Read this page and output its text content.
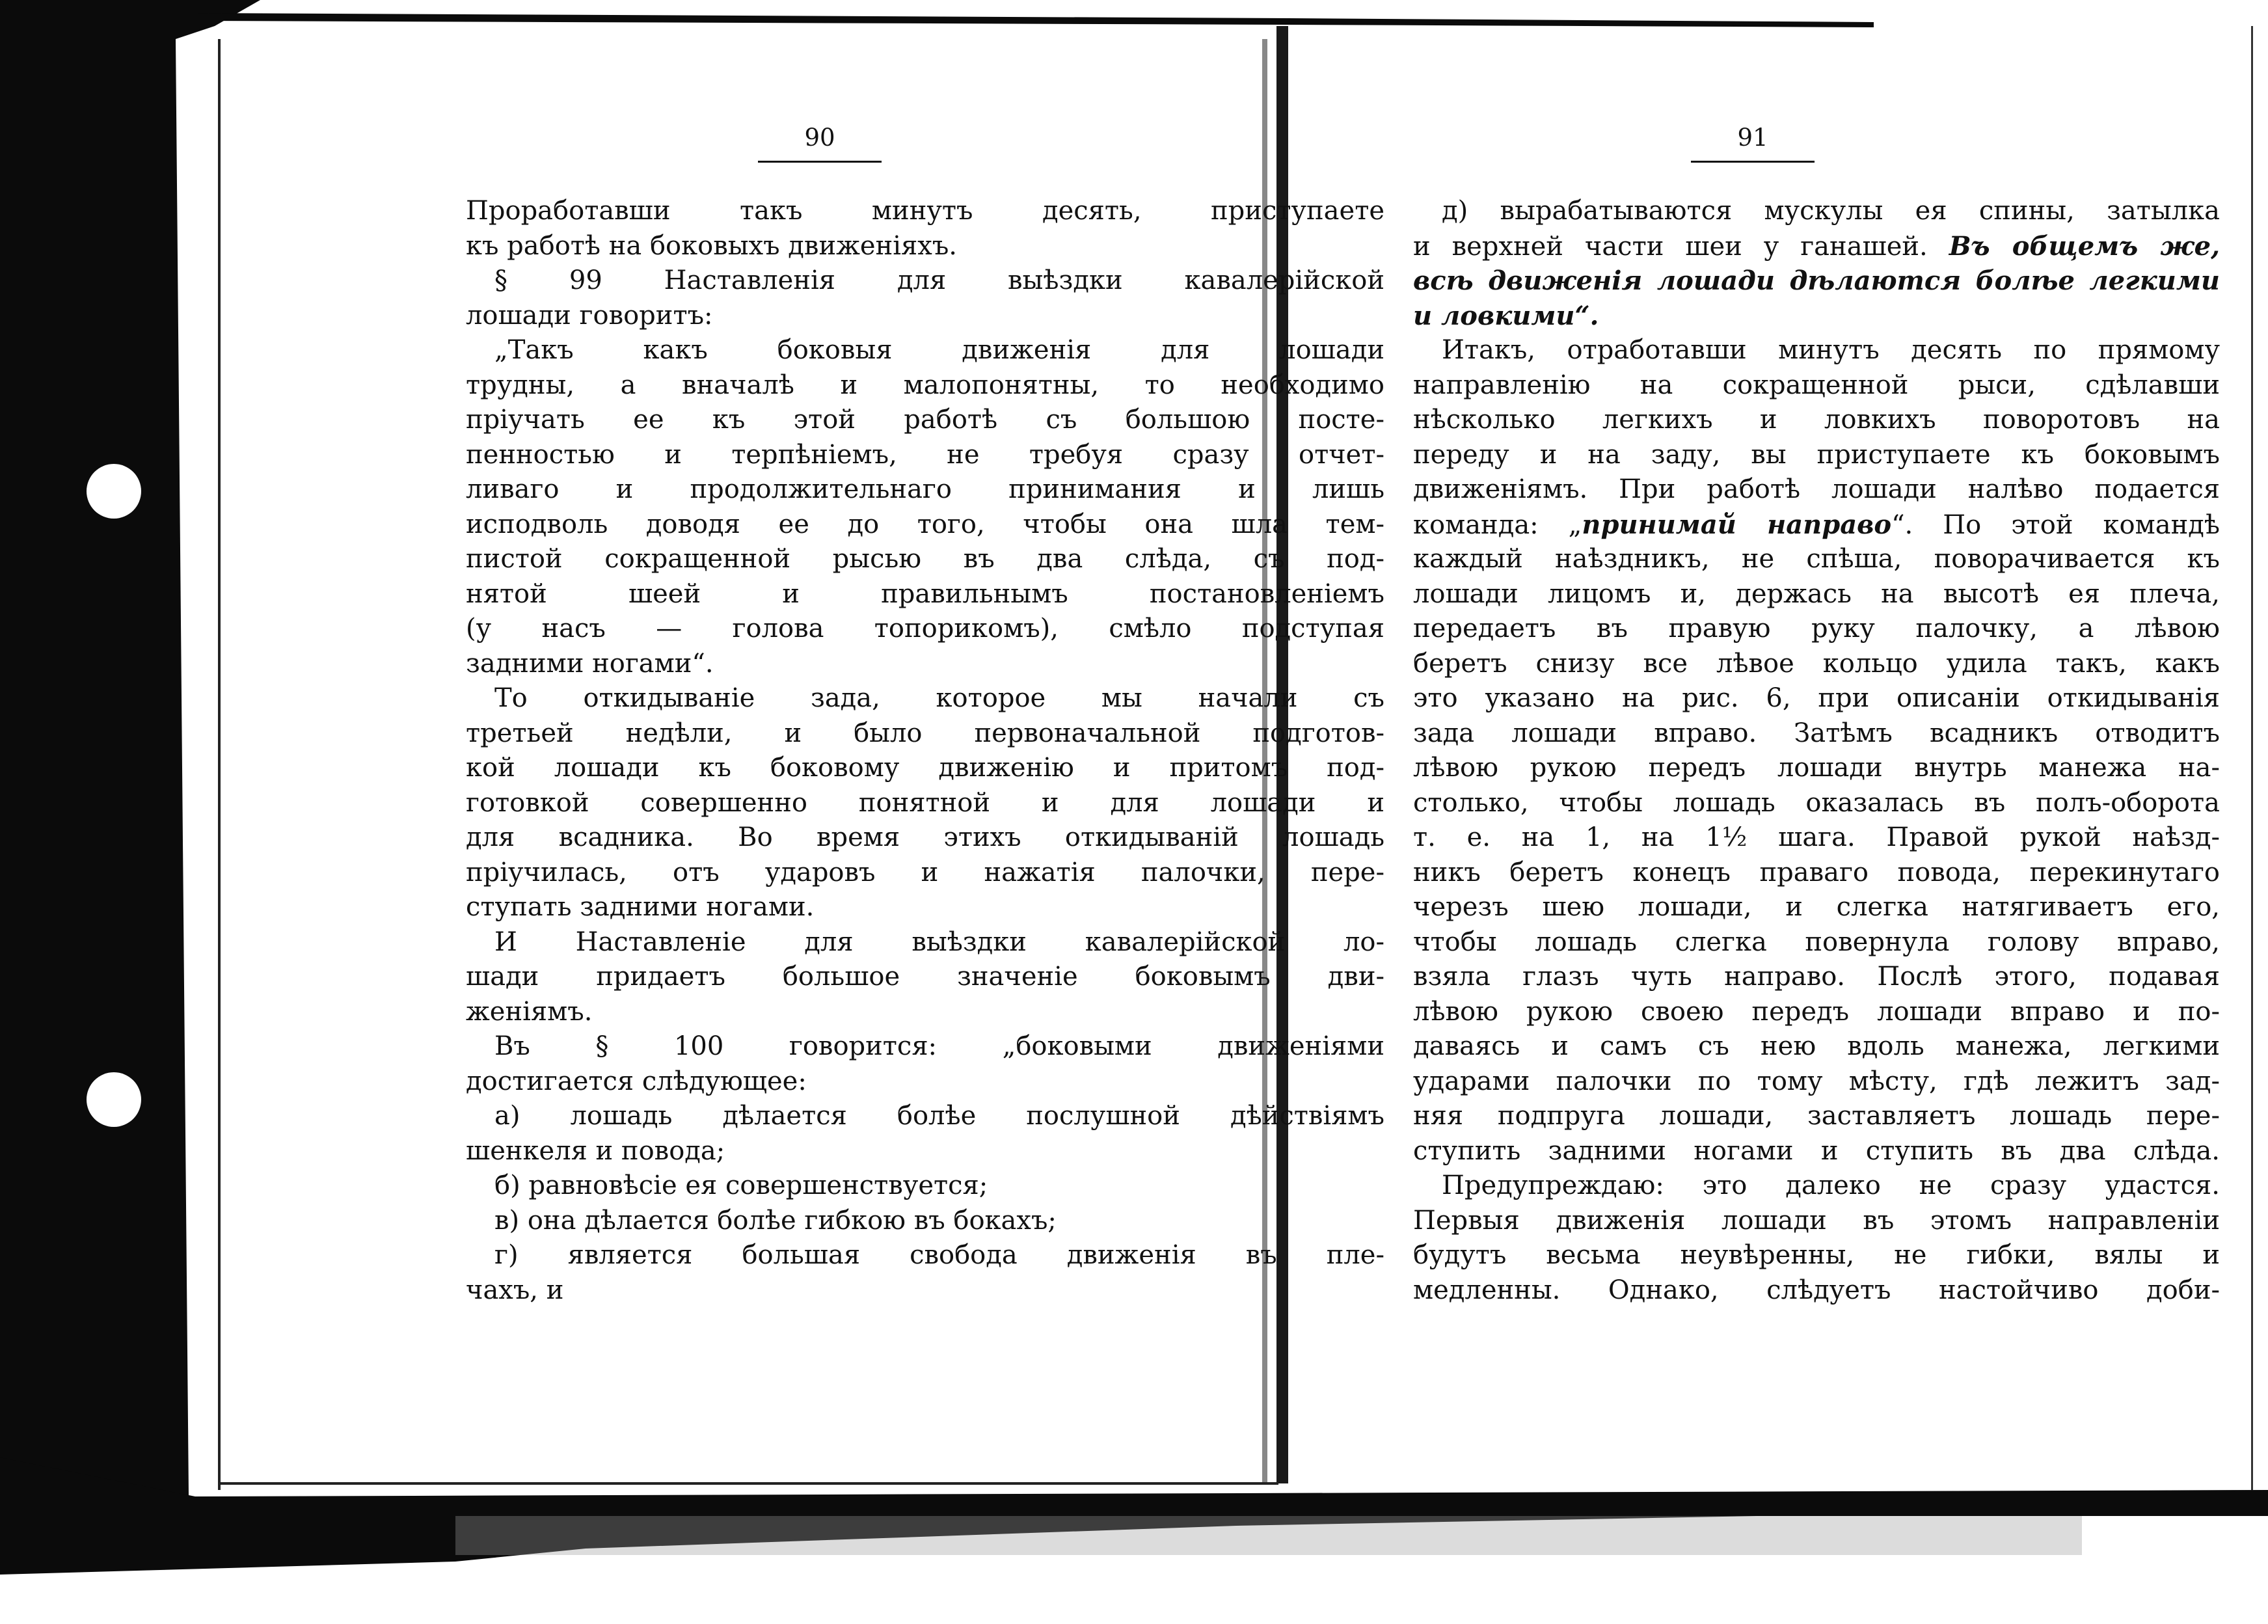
90
Проработавши такъ минутъ десять, приступаете
къ работѣ на боковыхъ движеніяхъ.
§ 99 Наставленія для выѣздки кавалерійской
лошади говоритъ:
„Такъ какъ боковыя движенія для лошади
трудны, а вначалѣ и малопонятны, то необходимо
пріучать ее къ этой работѣ съ большою посте-
пенностью и терпѣніемъ, не требуя сразу отчет-
ливаго и продолжительнаго принимания и лишь
исподволь доводя ее до того, чтобы она шла тем-
пистой сокращенной рысью въ два слѣда, съ под-
нятой шеей и правильнымъ постановленіемъ
(у насъ — голова топорикомъ), смѣло подступая
задними ногами“.
То откидываніе зада, которое мы начали съ
третьей недѣли, и было первоначальной подготов-
кой лошади къ боковому движенію и притомъ под-
готовкой совершенно понятной и для лошади и
для всадника. Во время этихъ откидываній лошадь
пріучилась, отъ ударовъ и нажатія палочки, пере-
ступать задними ногами.
И Наставленіе для выѣздки кавалерійской ло-
шади придаетъ большое значеніе боковымъ дви-
женіямъ.
Въ § 100 говорится: „боковыми движеніями
достигается слѣдующее:
а) лошадь дѣлается болѣе послушной дѣйствіямъ
шенкеля и повода;
б) равновѣсіе ея совершенствуется;
в) она дѣлается болѣе гибкою въ бокахъ;
г) является большая свобода движенія въ пле-
чахъ, и
91
д) вырабатываются мускулы ея спины, затылка
и верхней части шеи у ганашей. Въ общемъ же,
всѣ движенія лошади дѣлаются болѣе легкими
и ловкими“.
Итакъ, отработавши минутъ десять по прямому
направленію на сокращенной рыси, сдѣлавши
нѣсколько легкихъ и ловкихъ поворотовъ на
переду и на заду, вы приступаете къ боковымъ
движеніямъ. При работѣ лошади налѣво подается
команда: „принимай направо“. По этой командѣ
каждый наѣздникъ, не спѣша, поворачивается къ
лошади лицомъ и, держась на высотѣ ея плеча,
передаетъ въ правую руку палочку, а лѣвою
беретъ снизу все лѣвое кольцо удила такъ, какъ
это указано на рис. 6, при описаніи откидыванія
зада лошади вправо. Затѣмъ всадникъ отводитъ
лѣвою рукою передъ лошади внутрь манежа на-
столько, чтобы лошадь оказалась въ полъ-оборота
т. е. на 1, на 1½ шага. Правой рукой наѣзд-
никъ беретъ конецъ праваго повода, перекинутаго
черезъ шею лошади, и слегка натягиваетъ его,
чтобы лошадь слегка повернула голову вправо,
взяла глазъ чуть направо. Послѣ этого, подавая
лѣвою рукою своею передъ лошади вправо и по-
даваясь и самъ съ нею вдоль манежа, легкими
ударами палочки по тому мѣсту, гдѣ лежитъ зад-
няя подпруга лошади, заставляетъ лошадь пере-
ступить задними ногами и ступить въ два слѣда.
Предупреждаю: это далеко не сразу удастся.
Первыя движенія лошади въ этомъ направленіи
будутъ весьма неувѣренны, не гибки, вялы и
медленны. Однако, слѣдуетъ настойчиво доби-
